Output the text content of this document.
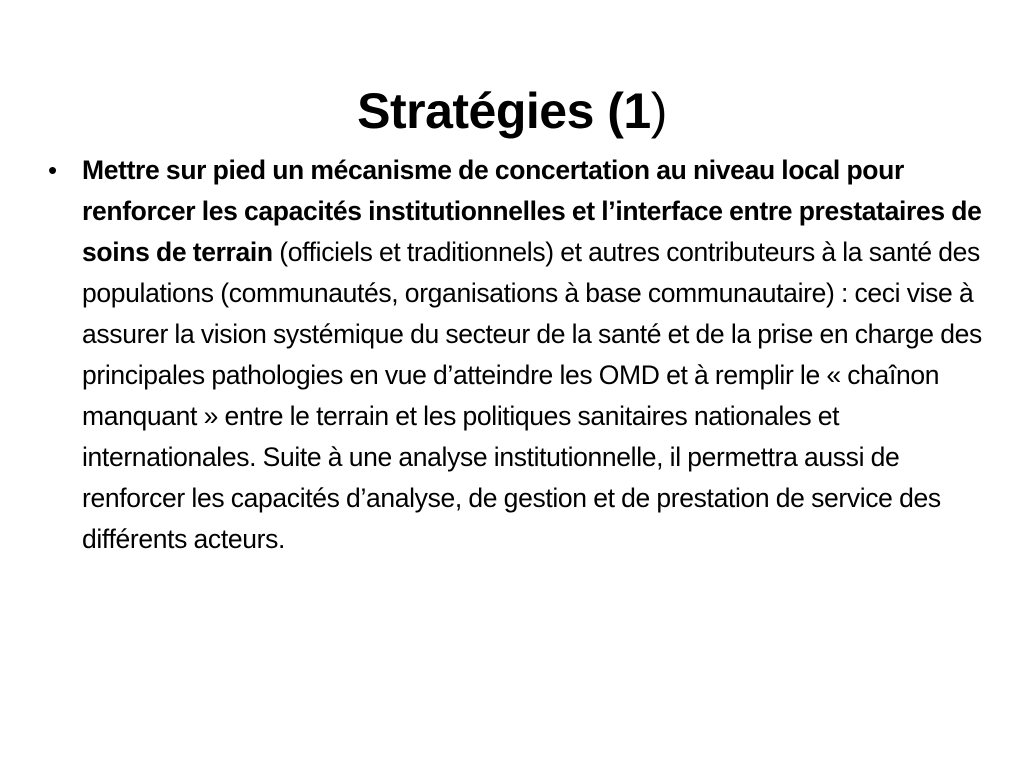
Stratégies (1)
• Mettre sur pied un mécanisme de concertation au niveau local pour renforcer les capacités institutionnelles et l’interface entre prestataires de soins de terrain (officiels et traditionnels) et autres contributeurs à la santé des populations (communautés, organisations à base communautaire) : ceci vise à assurer la vision systémique du secteur de la santé et de la prise en charge des principales pathologies en vue d’atteindre les OMD et à remplir le « chaînon manquant » entre le terrain et les politiques sanitaires nationales et internationales. Suite à une analyse institutionnelle, il permettra aussi de renforcer les capacités d’analyse, de gestion et de prestation de service des différents acteurs.
